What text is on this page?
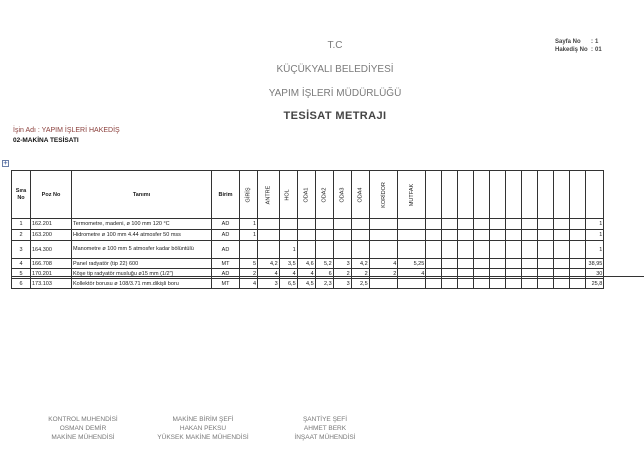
Sayfa No	: 1
Hakediş No : 01
T.C
KÜÇÜKYALI BELEDİYESİ
YAPIM İŞLERİ MÜDÜRLÜĞÜ
TESİSAT METRAJI
İşin Adı : YAPIM İŞLERİ HAKEDİŞ
02-MAKİNA TESİSATI
+
Sıra No	Poz No	Tanımı	Birim	GİRİŞ	ANTRE	HOL	ODA1	ODA2	ODA3	ODA4	KORİDOR	MUTFAK											
1	162.201	Termometre, madeni, ø 100 mm 120 °C	AD	1																			1
2	163.200	Hidrometre ø 100 mm 4.44 atmosfer 50 mss	AD	1																			1
3	164.300	Manometre ø 100 mm 5 atmosfer kadar bölüntülü	AD			1																	1
4	166.708	Panel radyatör (tip 22) 600	MT	5	4,2	3,5	4,6	5,2	3	4,2	4	5,25											38,95
5	170.201	Köşe tip radyatör musluğu ø15 mm (1/2")	AD	2	4	4	4	6	2	2	2	4											30
6	173.103	Kollektör borusu ø 108/3.71 mm.dikişli boru	MT	4	3	6,5	4,5	2,3	3	2,5													25,8
KONTROL MUHENDİSİ
OSMAN DEMİR
MAKİNE MÜHENDİSİ
MAKİNE BİRİM ŞEFİ
HAKAN PEKSU
YÜKSEK MAKİNE MÜHENDİSİ
ŞANTİYE ŞEFİ
AHMET BERK
İNŞAAT MÜHENDİSİ
